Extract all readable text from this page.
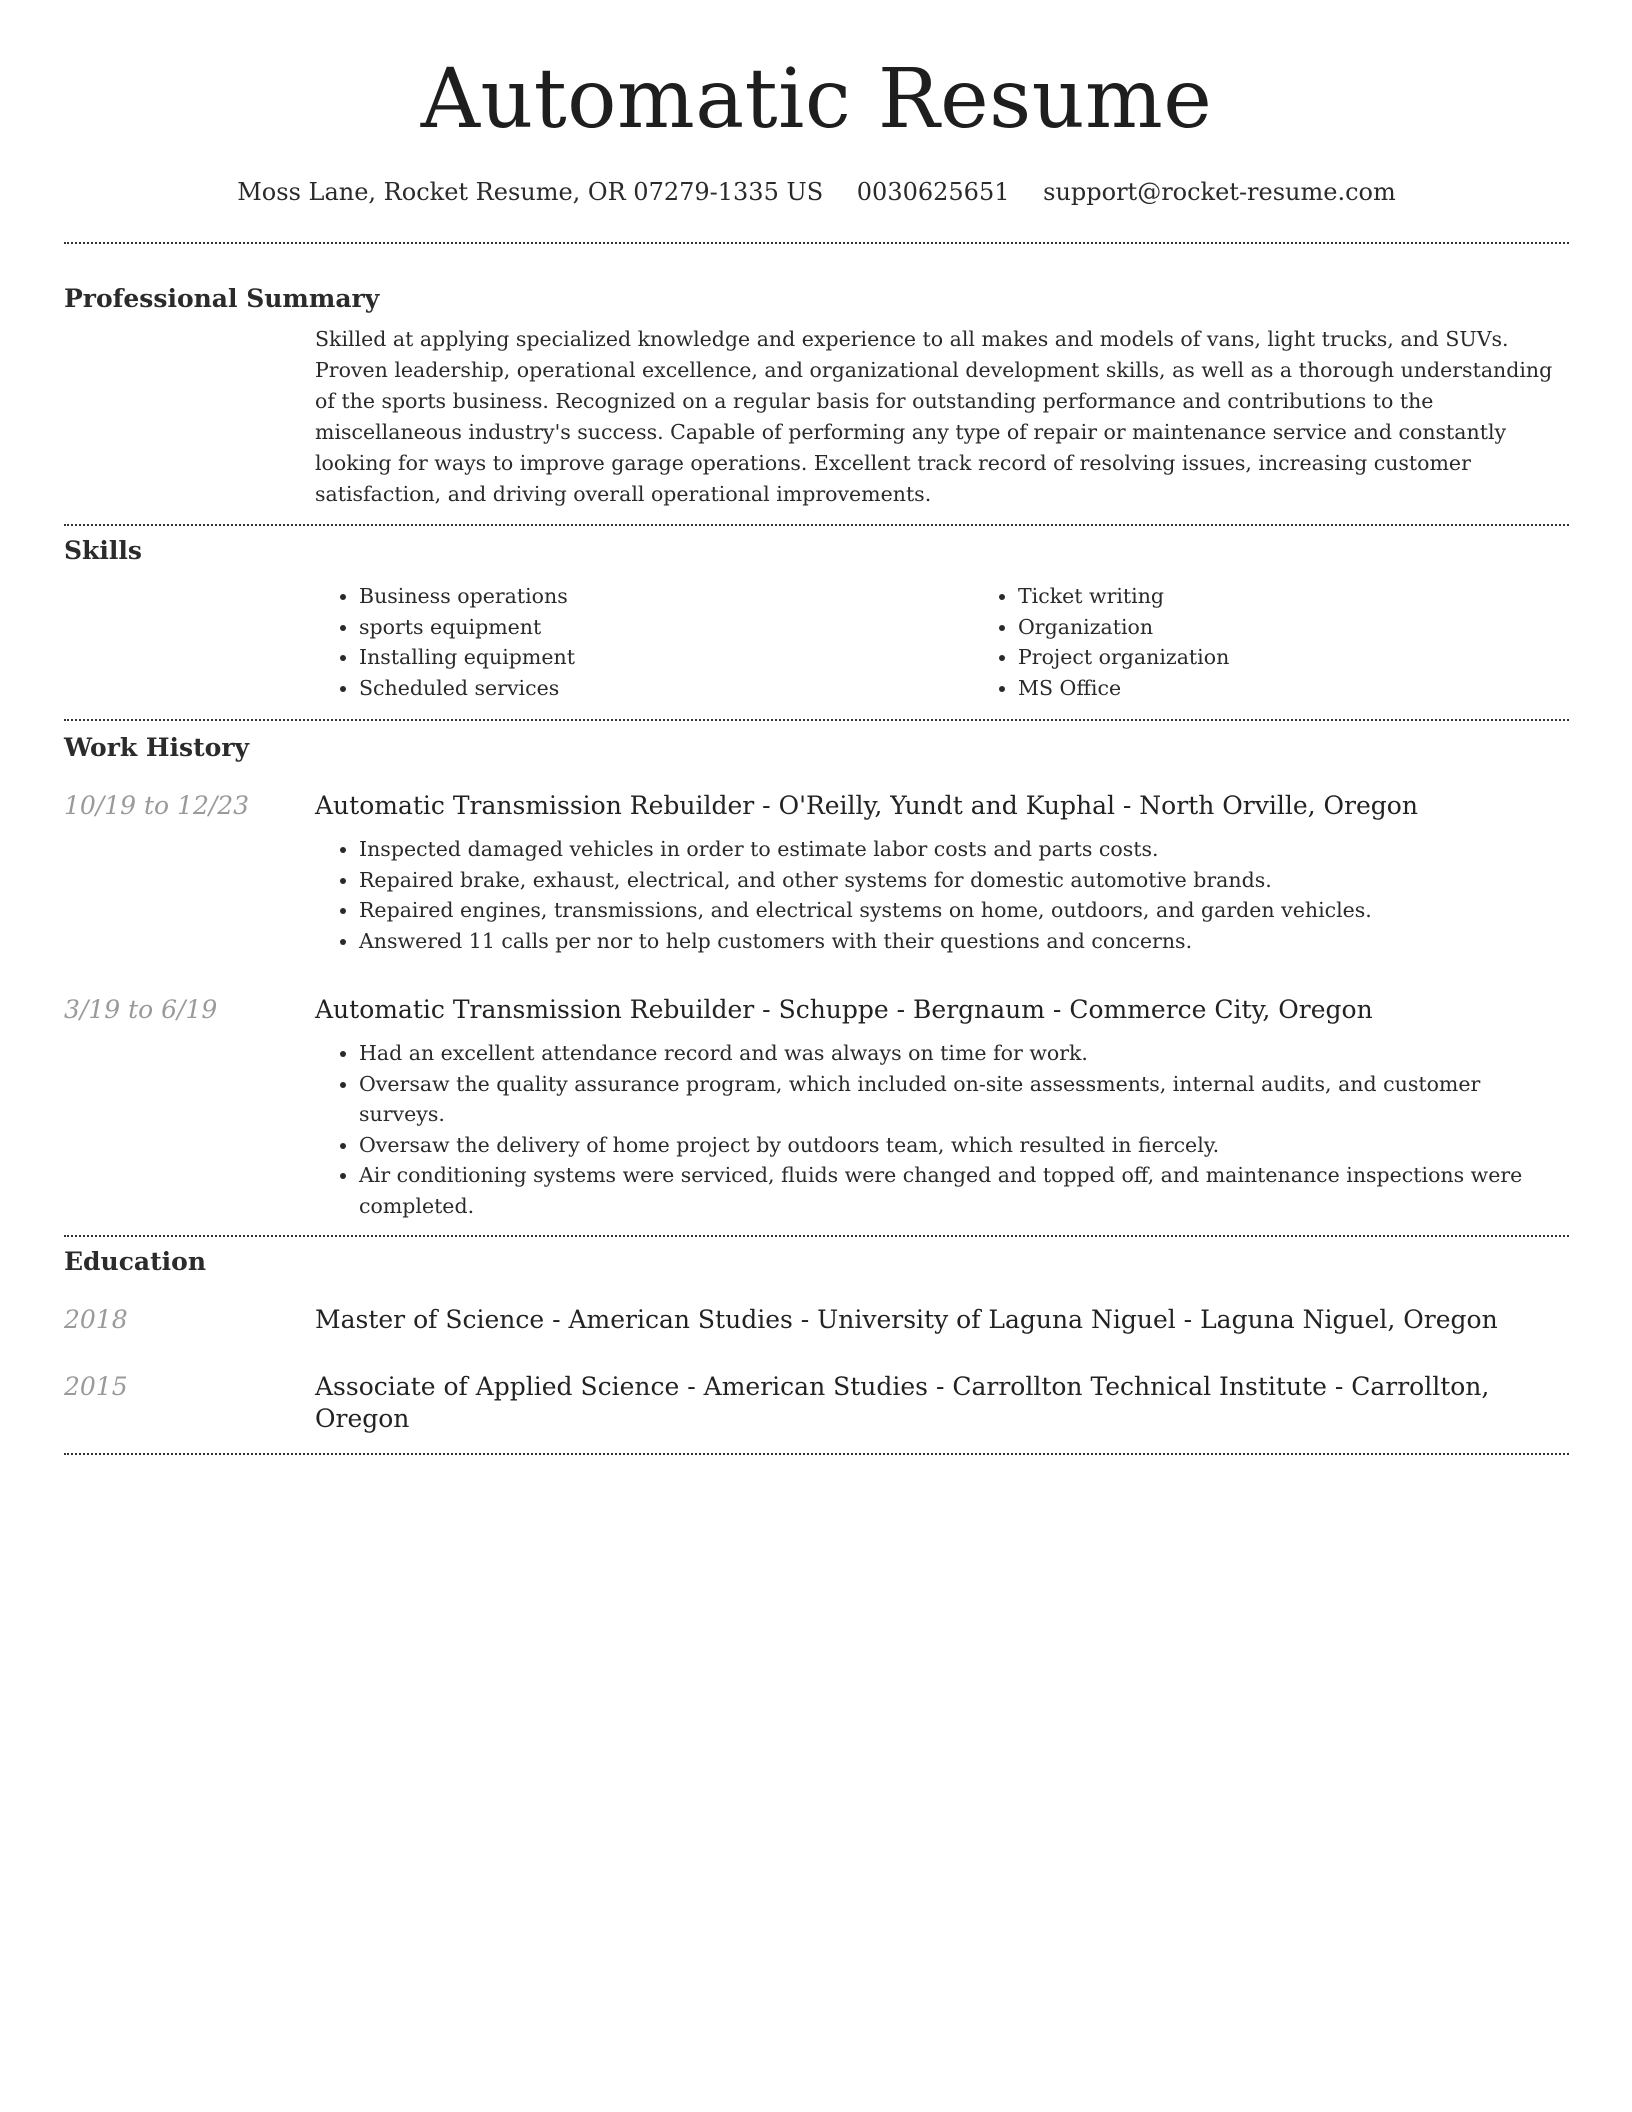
Automatic Resume
Moss Lane, Rocket Resume, OR 07279-1335 US 0030625651 support@rocket-resume.com
Professional Summary

Skilled at applying specialized knowledge and experience to all makes and models of vans, light trucks, and SUVs. Proven leadership, operational excellence, and organizational development skills, as well as a thorough understanding of the sports business. Recognized on a regular basis for outstanding performance and contributions to the miscellaneous industry's success. Capable of performing any type of repair or maintenance service and constantly looking for ways to improve garage operations. Excellent track record of resolving issues, increasing customer satisfaction, and driving overall operational improvements.

Skills
• Business operations
• sports equipment
• Installing equipment
• Scheduled services
• Ticket writing
• Organization
• Project organization
• MS Office
Work History
10/19 to 12/23	Automatic Transmission Rebuilder - O'Reilly, Yundt and Kuphal - North Orville, Oregon
• Inspected damaged vehicles in order to estimate labor costs and parts costs.
• Repaired brake, exhaust, electrical, and other systems for domestic automotive brands.
• Repaired engines, transmissions, and electrical systems on home, outdoors, and garden vehicles.
• Answered 11 calls per nor to help customers with their questions and concerns.
3/19 to 6/19	Automatic Transmission Rebuilder - Schuppe - Bergnaum - Commerce City, Oregon
• Had an excellent attendance record and was always on time for work.
• Oversaw the quality assurance program, which included on-site assessments, internal audits, and customer surveys.
• Oversaw the delivery of home project by outdoors team, which resulted in fiercely.
• Air conditioning systems were serviced, fluids were changed and topped off, and maintenance inspections were completed.
Education
2018	Master of Science - American Studies - University of Laguna Niguel - Laguna Niguel, Oregon
2015	Associate of Applied Science - American Studies - Carrollton Technical Institute - Carrollton, Oregon
